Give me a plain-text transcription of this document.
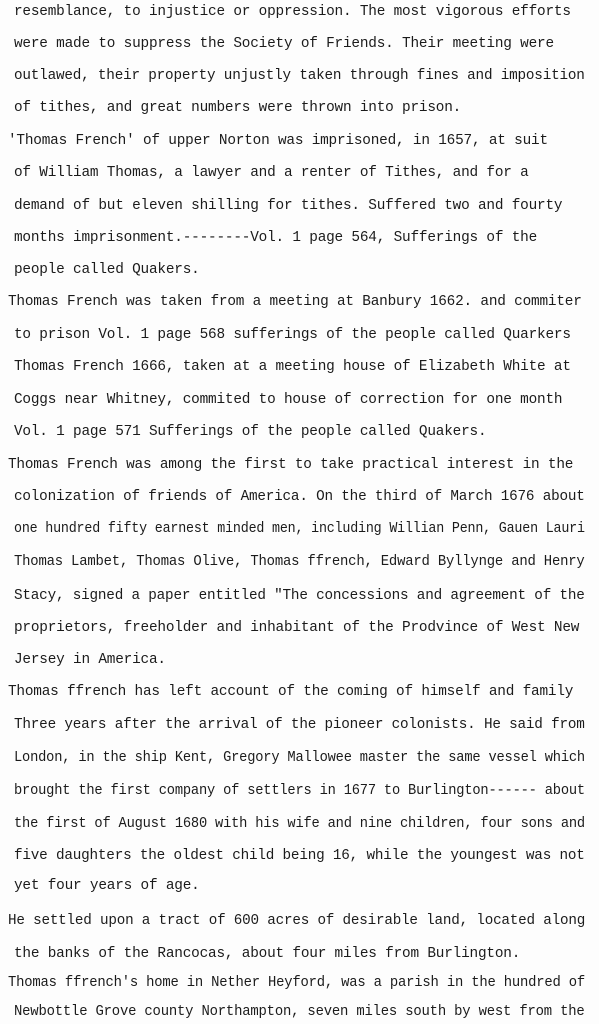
resemblance, to injustice or oppression. The most vigorous efforts
were made to suppress the Society of Friends. Their meeting were
outlawed, their property unjustly taken through fines and imposition
of tithes, and great numbers were thrown into prison.
'Thomas French' of upper Norton was imprisoned, in 1657, at suit
of William Thomas, a lawyer and a renter of Tithes, and for a
demand of but eleven shilling for tithes. Suffered two and fourty
months imprisonment.--------Vol. 1 page 564, Sufferings of the
people called Quakers.
Thomas French was taken from a meeting at Banbury 1662. and commiter
to prison Vol. 1 page 568 sufferings of the people called Quarkers
Thomas French 1666, taken at a meeting house of Elizabeth White at
Coggs near Whitney, commited to house of correction for one month
Vol. 1 page 571 Sufferings of the people called Quakers.
Thomas French was among the first to take practical interest in the
colonization of friends of America. On the third of March 1676 about
one hundred fifty earnest minded men, including Willian Penn, Gauen Lauri
Thomas Lambet, Thomas Olive, Thomas ffrench, Edward Byllynge and Henry
Stacy, signed a paper entitled "The concessions and agreement of the
proprietors, freeholder and inhabitant of the Prodvince of West New
Jersey in America.
Thomas ffrench has left account of the coming of himself and family
Three years after the arrival of the pioneer colonists. He said from
London, in the ship Kent, Gregory Mallowee master the same vessel which
brought the first company of settlers in 1677 to Burlington------ about
the first of August 1680 with his wife and nine children, four sons and
five daughters the oldest child being 16, while the youngest was not
yet four years of age.
He settled upon a tract of 600 acres of desirable land, located along
the banks of the Rancocas, about four miles from Burlington.
Thomas ffrench's home in Nether Heyford, was a parish in the hundred of
Newbottle Grove county Northampton, seven miles south by west from the
